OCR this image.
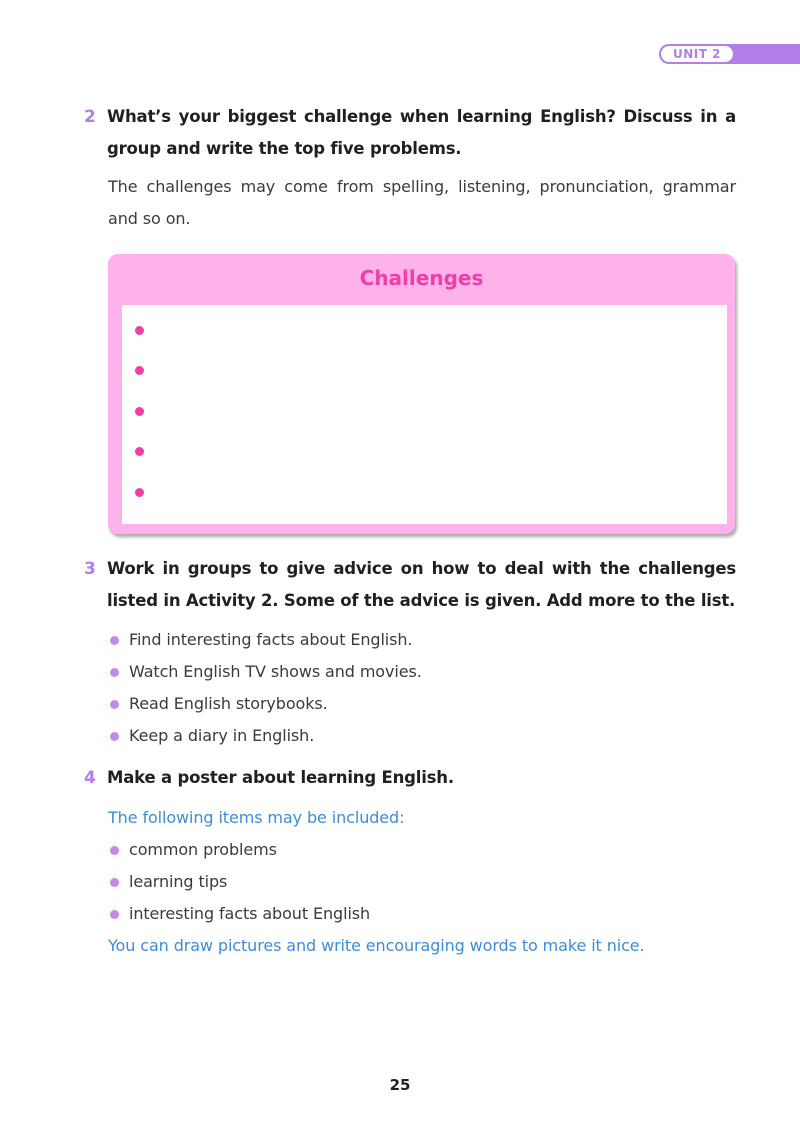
UNIT 2
2 What’s your biggest challenge when learning English? Discuss in a group and write the top five problems.
The challenges may come from spelling, listening, pronunciation, grammar and so on.
Challenges
3 Work in groups to give advice on how to deal with the challenges listed in Activity 2. Some of the advice is given. Add more to the list.
Find interesting facts about English.
Watch English TV shows and movies.
Read English storybooks.
Keep a diary in English.
4 Make a poster about learning English.
The following items may be included:
common problems
learning tips
interesting facts about English
You can draw pictures and write encouraging words to make it nice.
25
